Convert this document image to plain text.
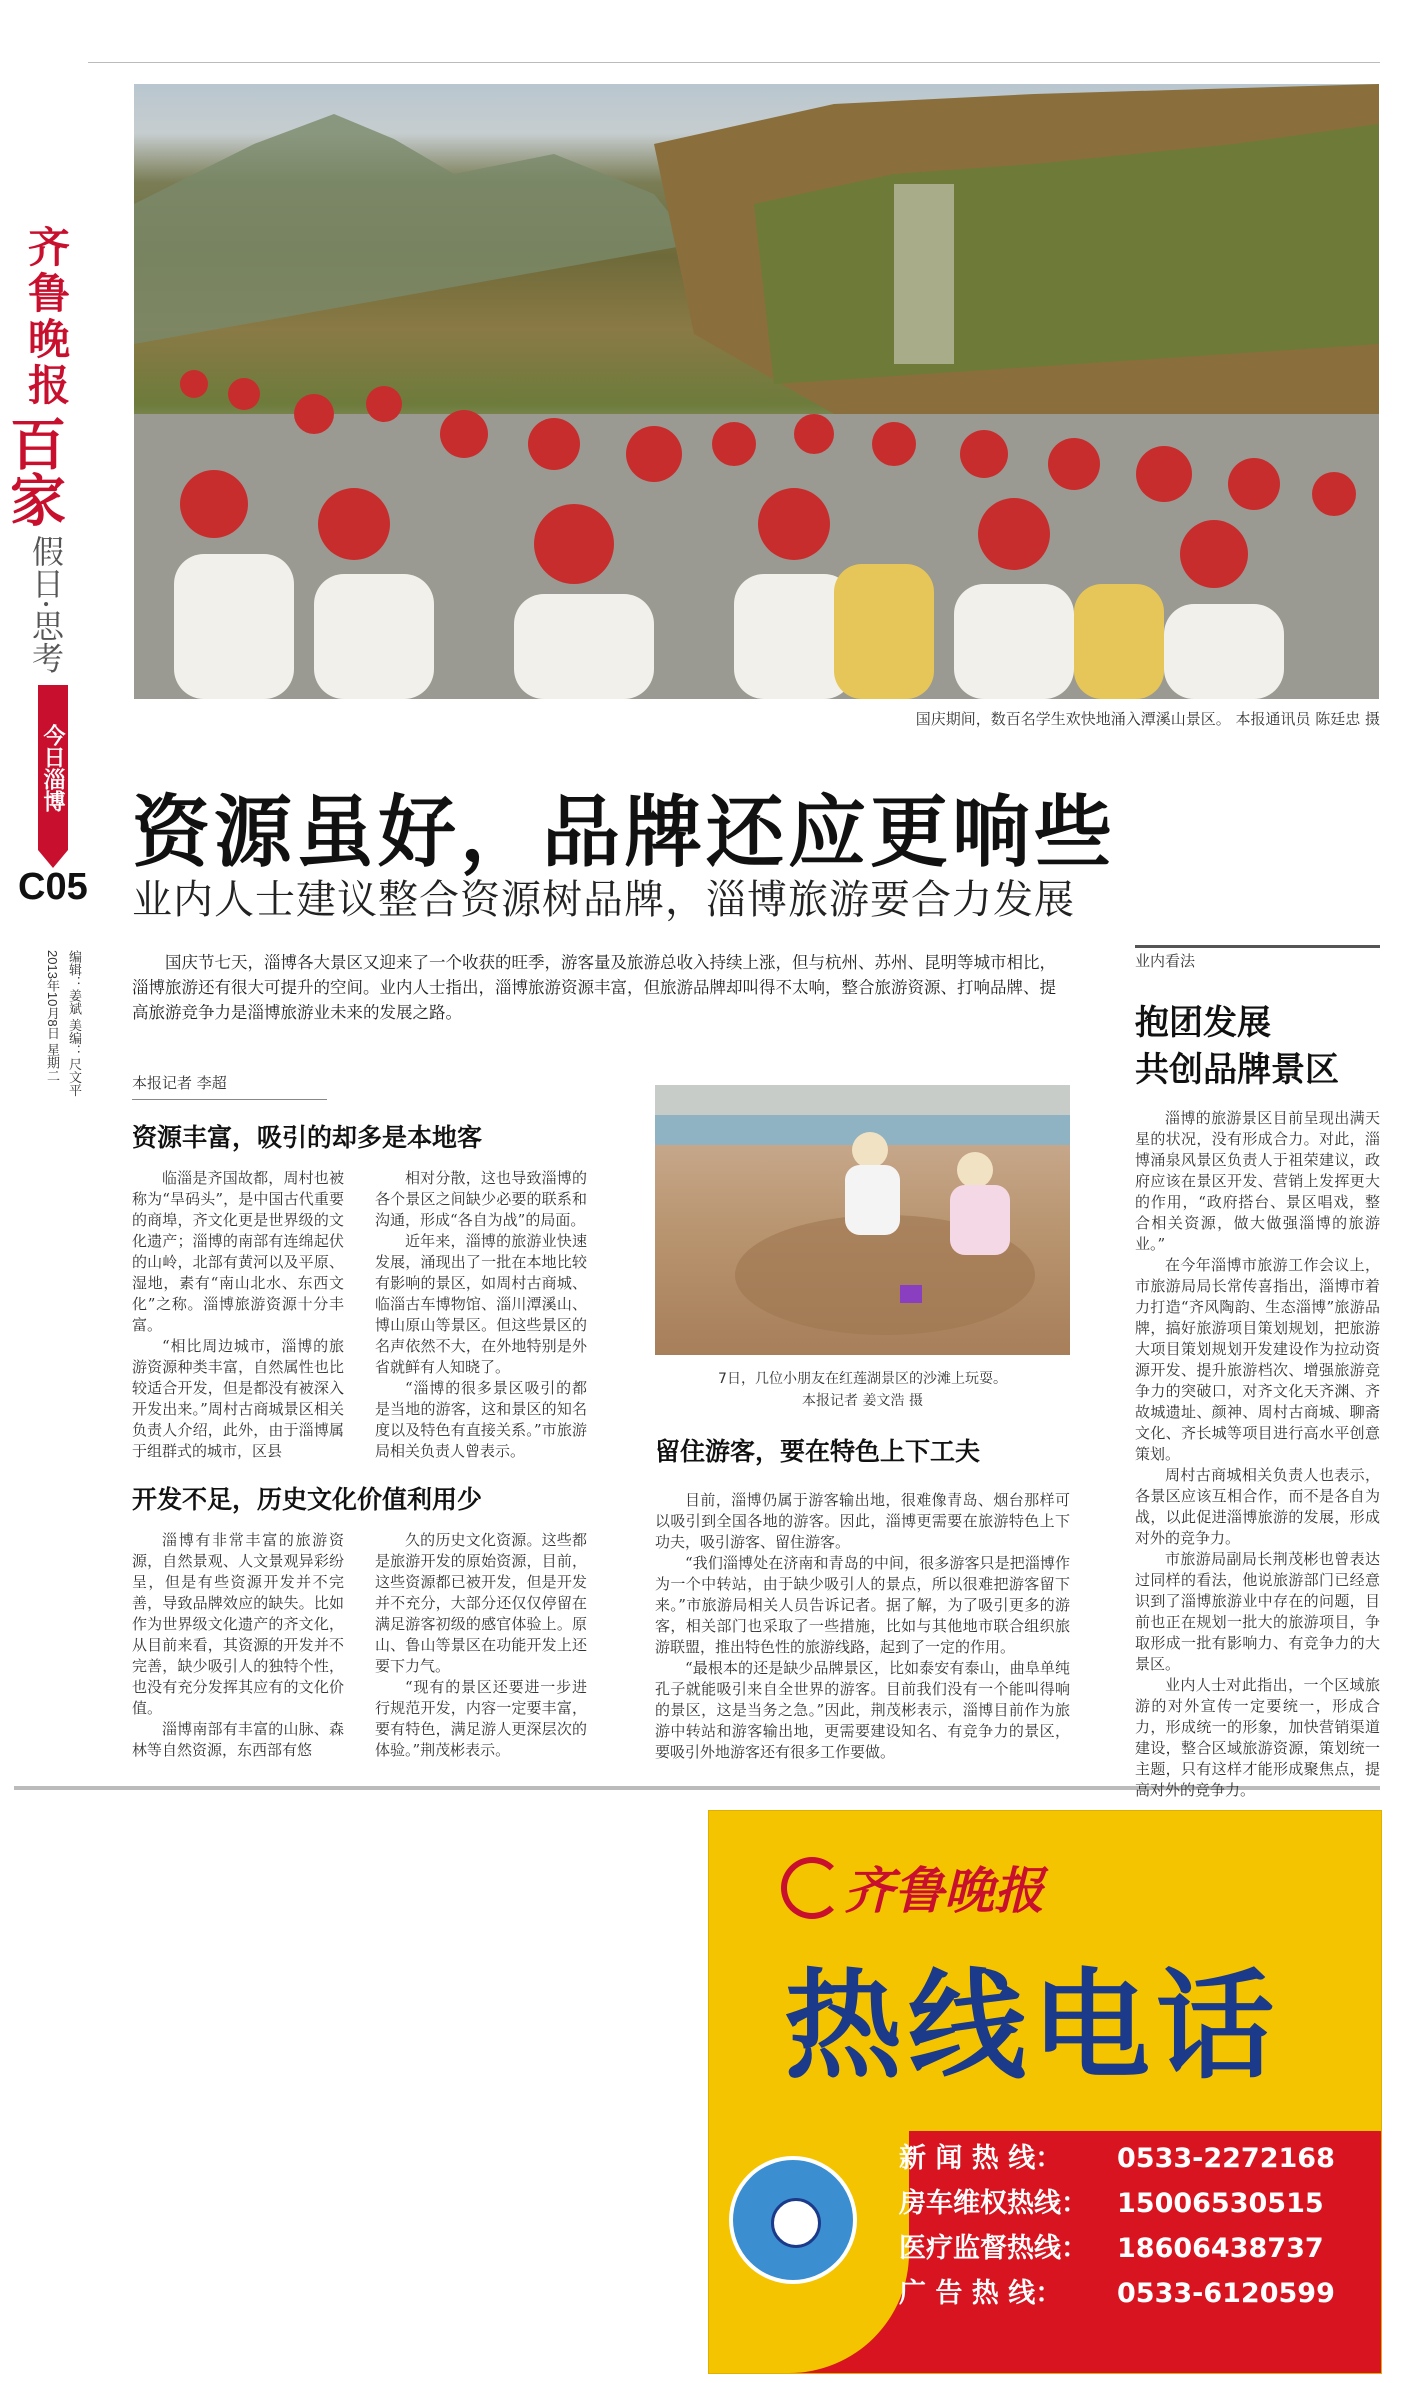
齐鲁晚报
百家
假日·思考
今日淄博
C05
2013年10月8日 星期二 编辑：姜斌 美编：尺文平
国庆期间，数百名学生欢快地涌入潭溪山景区。 本报通讯员 陈廷忠 摄
资源虽好，品牌还应更响些
业内人士建议整合资源树品牌，淄博旅游要合力发展
国庆节七天，淄博各大景区又迎来了一个收获的旺季，游客量及旅游总收入持续上涨，但与杭州、苏州、昆明等城市相比，淄博旅游还有很大可提升的空间。业内人士指出，淄博旅游资源丰富，但旅游品牌却叫得不太响，整合旅游资源、打响品牌、提高旅游竞争力是淄博旅游业未来的发展之路。
本报记者 李超
资源丰富，吸引的却多是本地客

临淄是齐国故都，周村也被称为“旱码头”，是中国古代重要的商埠，齐文化更是世界级的文化遗产；淄博的南部有连绵起伏的山岭，北部有黄河以及平原、湿地，素有“南山北水、东西文化”之称。淄博旅游资源十分丰富。

“相比周边城市，淄博的旅游资源种类丰富，自然属性也比较适合开发，但是都没有被深入开发出来。”周村古商城景区相关负责人介绍，此外，由于淄博属于组群式的城市，区县

相对分散，这也导致淄博的各个景区之间缺少必要的联系和沟通，形成“各自为战”的局面。

近年来，淄博的旅游业快速发展，涌现出了一批在本地比较有影响的景区，如周村古商城、临淄古车博物馆、淄川潭溪山、博山原山等景区。但这些景区的名声依然不大，在外地特别是外省就鲜有人知晓了。

“淄博的很多景区吸引的都是当地的游客，这和景区的知名度以及特色有直接关系。”市旅游局相关负责人曾表示。

开发不足，历史文化价值利用少

淄博有非常丰富的旅游资源，自然景观、人文景观异彩纷呈，但是有些资源开发并不完善，导致品牌效应的缺失。比如作为世界级文化遗产的齐文化，从目前来看，其资源的开发并不完善，缺少吸引人的独特个性，也没有充分发挥其应有的文化价值。

淄博南部有丰富的山脉、森林等自然资源，东西部有悠

久的历史文化资源。这些都是旅游开发的原始资源，目前，这些资源都已被开发，但是开发并不充分，大部分还仅仅停留在满足游客初级的感官体验上。原山、鲁山等景区在功能开发上还要下力气。

“现有的景区还要进一步进行规范开发，内容一定要丰富，要有特色，满足游人更深层次的体验。”荆茂彬表示。

7日，几位小朋友在红莲湖景区的沙滩上玩耍。
本报记者 姜文浩 摄
留住游客，要在特色上下工夫

目前，淄博仍属于游客输出地，很难像青岛、烟台那样可以吸引到全国各地的游客。因此，淄博更需要在旅游特色上下功夫，吸引游客、留住游客。

“我们淄博处在济南和青岛的中间，很多游客只是把淄博作为一个中转站，由于缺少吸引人的景点，所以很难把游客留下来。”市旅游局相关人员告诉记者。据了解，为了吸引更多的游客，相关部门也采取了一些措施，比如与其他地市联合组织旅游联盟，推出特色性的旅游线路，起到了一定的作用。

“最根本的还是缺少品牌景区，比如泰安有泰山，曲阜单纯孔子就能吸引来自全世界的游客。目前我们没有一个能叫得响的景区，这是当务之急。”因此，荆茂彬表示，淄博目前作为旅游中转站和游客输出地，更需要建设知名、有竞争力的景区，要吸引外地游客还有很多工作要做。

业内看法
抱团发展
共创品牌景区

淄博的旅游景区目前呈现出满天星的状况，没有形成合力。对此，淄博涌泉风景区负责人于祖荣建议，政府应该在景区开发、营销上发挥更大的作用，“政府搭台、景区唱戏，整合相关资源，做大做强淄博的旅游业。”

在今年淄博市旅游工作会议上，市旅游局局长常传喜指出，淄博市着力打造“齐风陶韵、生态淄博”旅游品牌，搞好旅游项目策划规划，把旅游大项目策划规划开发建设作为拉动资源开发、提升旅游档次、增强旅游竞争力的突破口，对齐文化天齐渊、齐故城遗址、颜神、周村古商城、聊斋文化、齐长城等项目进行高水平创意策划。

周村古商城相关负责人也表示，各景区应该互相合作，而不是各自为战，以此促进淄博旅游的发展，形成对外的竞争力。

市旅游局副局长荆茂彬也曾表达过同样的看法，他说旅游部门已经意识到了淄博旅游业中存在的问题，目前也正在规划一批大的旅游项目，争取形成一批有影响力、有竞争力的大景区。

业内人士对此指出，一个区域旅游的对外宣传一定要统一，形成合力，形成统一的形象，加快营销渠道建设，整合区域旅游资源，策划统一主题，只有这样才能形成聚焦点，提高对外的竞争力。

齐鲁晚报
热线电话
新 闻 热 线： 0533-2272168
房车维权热线： 15006530515
医疗监督热线： 18606438737
广 告 热 线： 0533-6120599
